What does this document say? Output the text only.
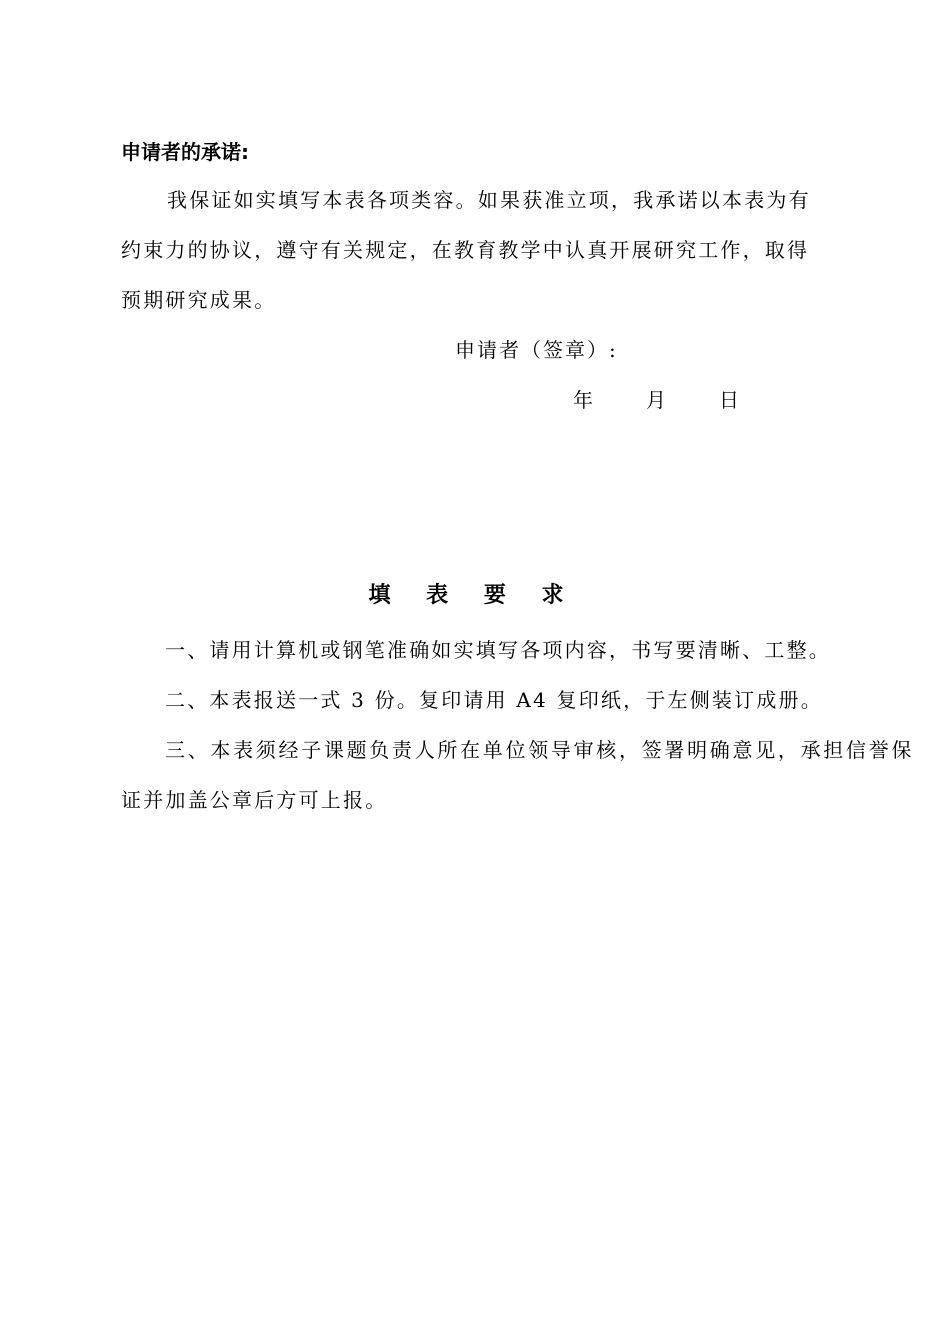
申请者的承诺:
我保证如实填写本表各项类容。如果获准立项，我承诺以本表为有
约束力的协议，遵守有关规定，在教育教学中认真开展研究工作，取得
预期研究成果。
申请者（签章）:
年	月	日
填 表 要 求
一、请用计算机或钢笔准确如实填写各项内容，书写要清晰、工整。
二、本表报送一式 3 份。复印请用 A4 复印纸，于左侧装订成册。
三、本表须经子课题负责人所在单位领导审核，签署明确意见，承担信誉保
证并加盖公章后方可上报。
